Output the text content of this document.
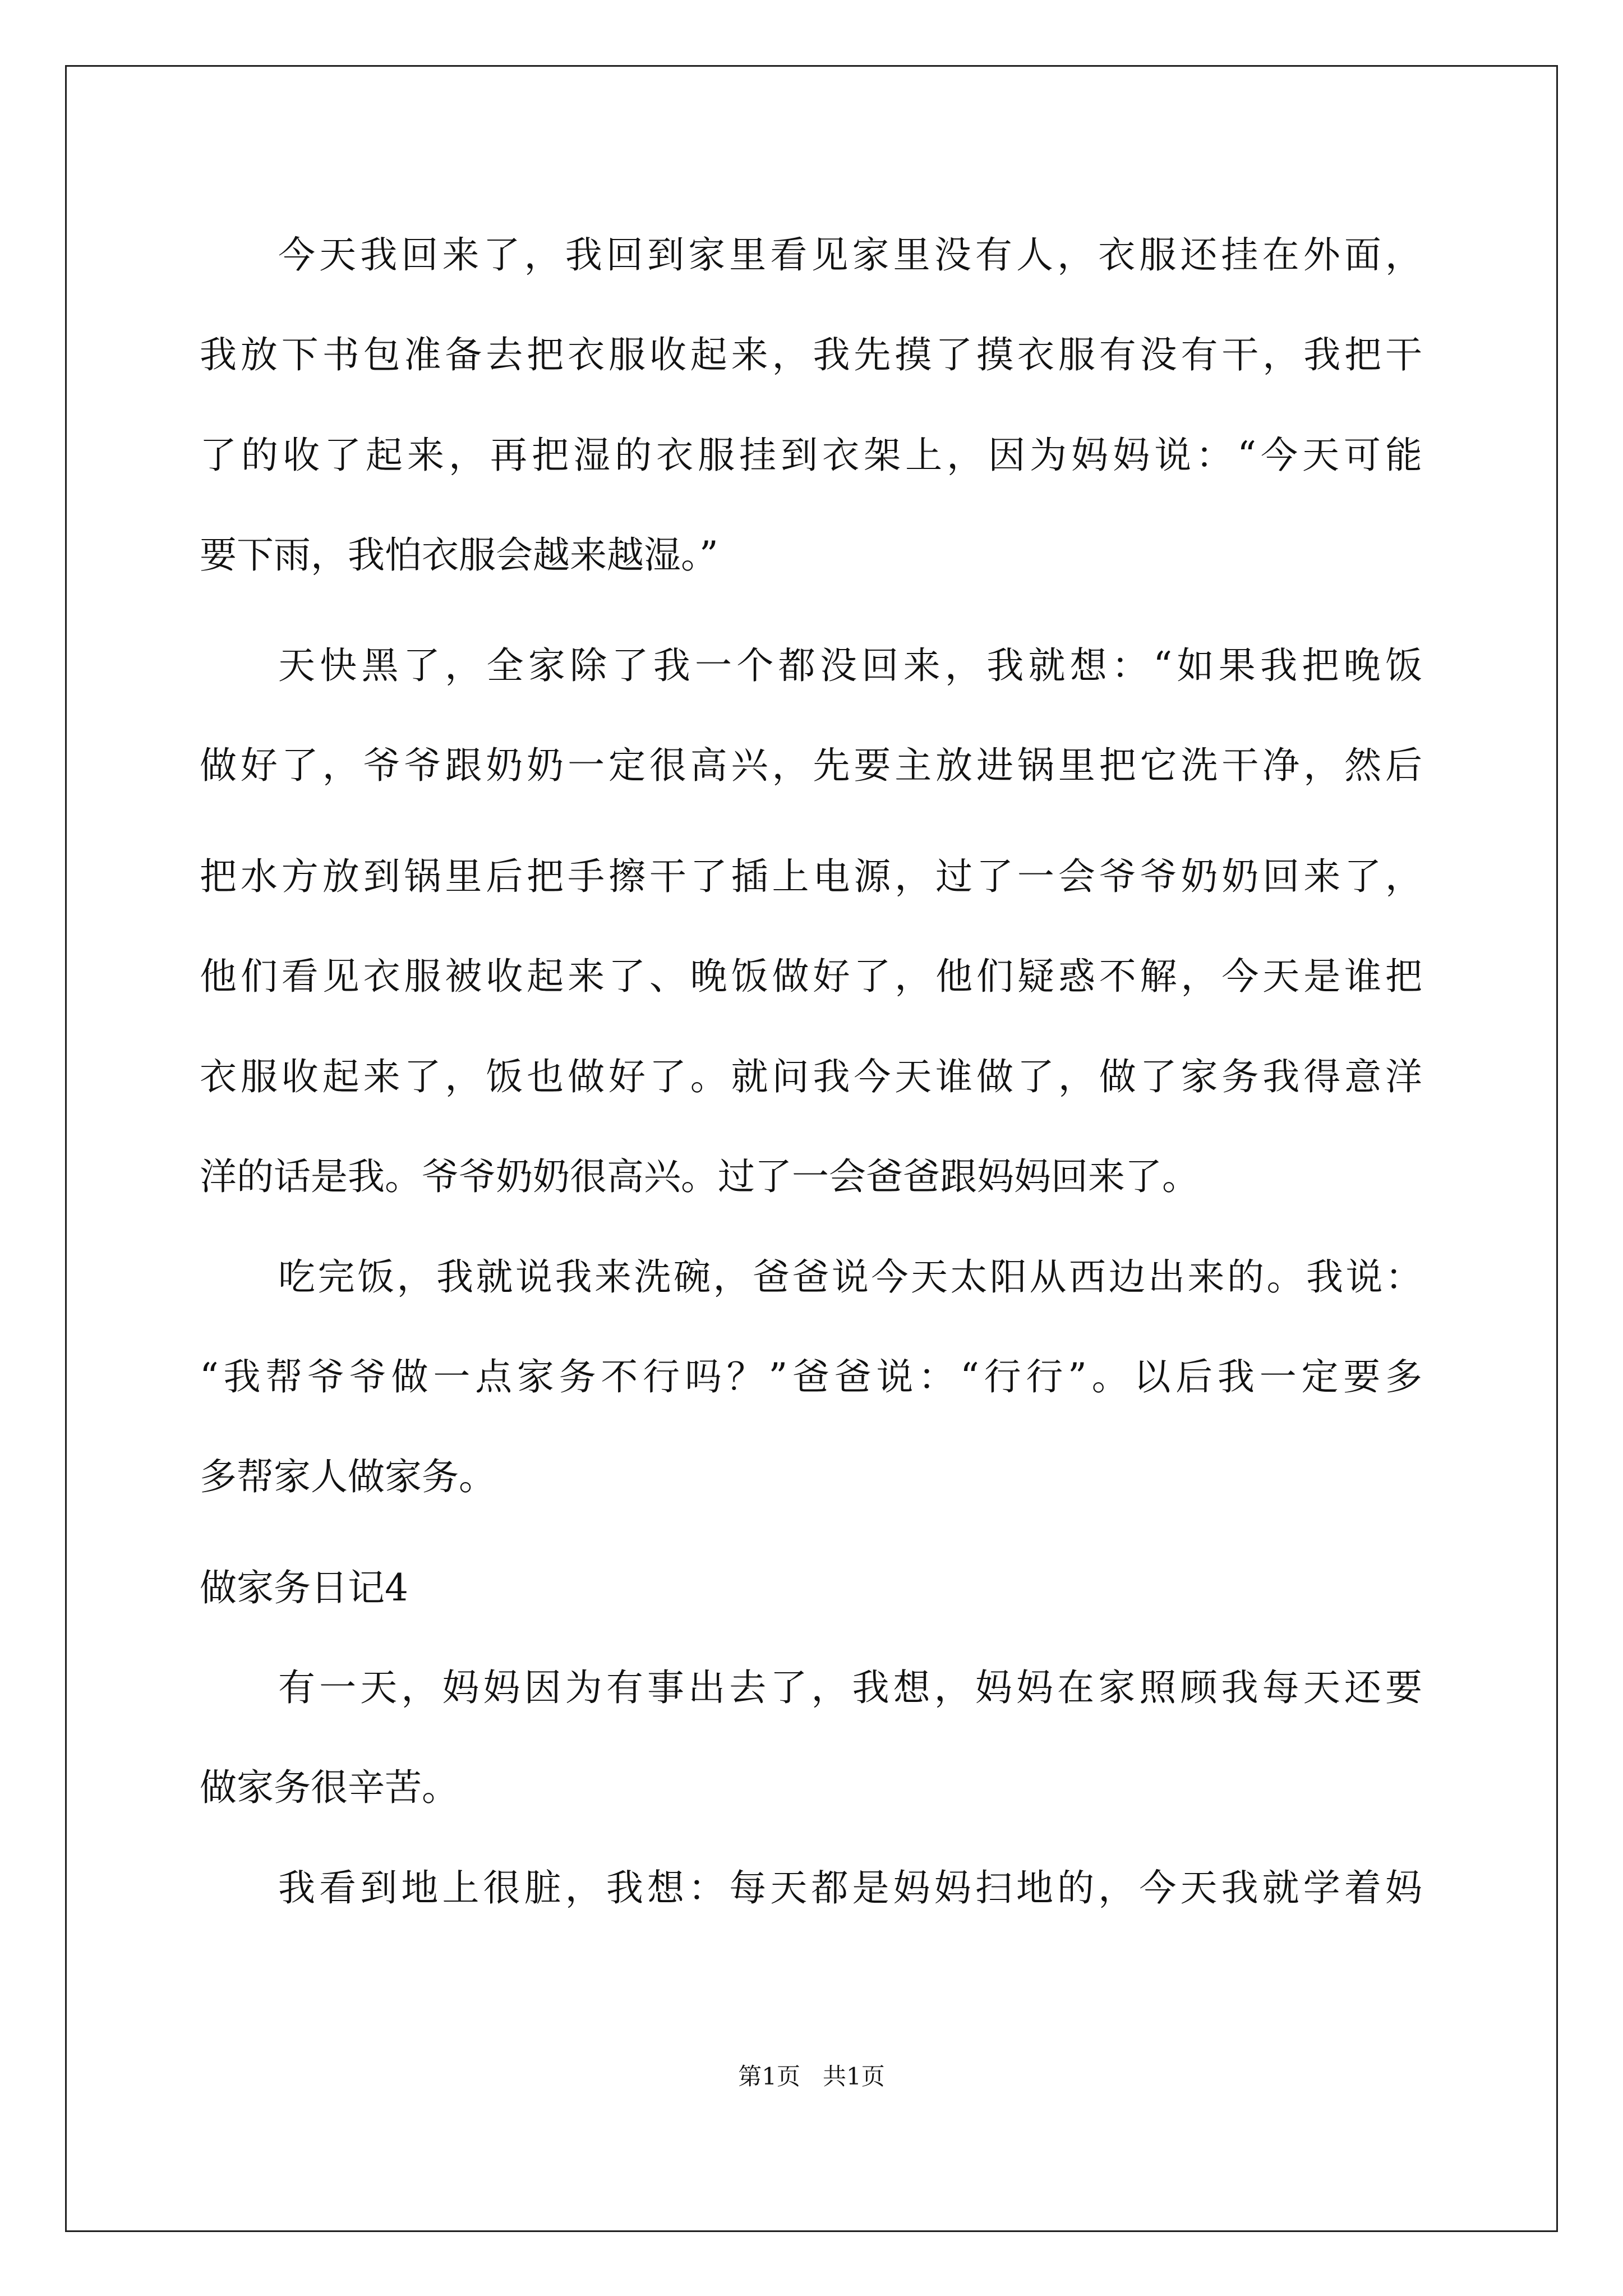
今天我回来了，我回到家里看见家里没有人，衣服还挂在外面，
我放下书包准备去把衣服收起来，我先摸了摸衣服有没有干，我把干
了的收了起来，再把湿的衣服挂到衣架上，因为妈妈说：“今天可能
要下雨，我怕衣服会越来越湿。”
天快黑了，全家除了我一个都没回来，我就想：“如果我把晚饭
做好了，爷爷跟奶奶一定很高兴，先要主放进锅里把它洗干净，然后
把水方放到锅里后把手擦干了插上电源，过了一会爷爷奶奶回来了，
他们看见衣服被收起来了、晚饭做好了，他们疑惑不解，今天是谁把
衣服收起来了，饭也做好了。就问我今天谁做了，做了家务我得意洋
洋的话是我。爷爷奶奶很高兴。过了一会爸爸跟妈妈回来了。
吃完饭，我就说我来洗碗，爸爸说今天太阳从西边出来的。我说：
“我帮爷爷做一点家务不行吗？”爸爸说：“行行”。以后我一定要多
多帮家人做家务。
做家务日记4
有一天，妈妈因为有事出去了，我想，妈妈在家照顾我每天还要
做家务很辛苦。
我看到地上很脏，我想：每天都是妈妈扫地的，今天我就学着妈
第1页   共1页
